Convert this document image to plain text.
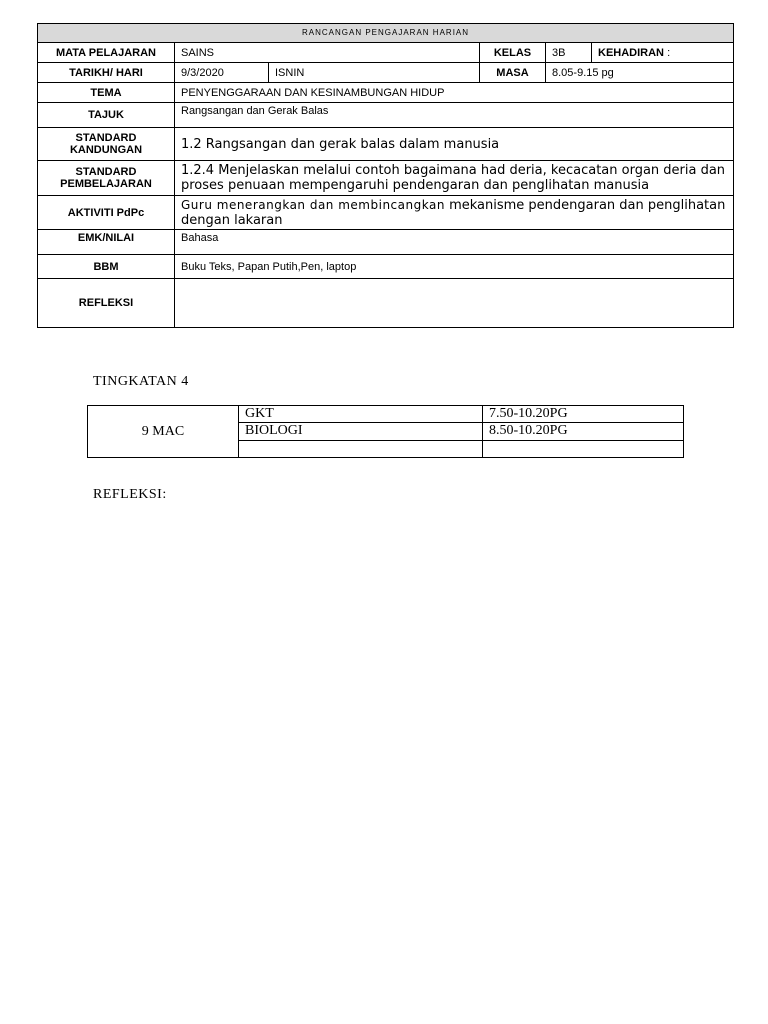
RANCANGAN PENGAJARAN HARIAN					
MATA PELAJARAN	SAINS		KELAS	3B	KEHADIRAN :
TARIKH/ HARI	9/3/2020	ISNIN	MASA	8.05-9.15 pg	
TEMA	PENYENGGARAAN DAN KESINAMBUNGAN HIDUP				
TAJUK	Rangsangan dan Gerak Balas				
STANDARD
KANDUNGAN	1.2 Rangsangan dan gerak balas dalam manusia				
STANDARD
PEMBELAJARAN	1.2.4 Menjelaskan melalui contoh bagaimana had deria, kecacatan organ deria dan proses penuaan mempengaruhi pendengaran dan penglihatan manusia				
AKTIVITI PdPc	Guru menerangkan dan membincangkan mekanisme pendengaran dan penglihatan dengan lakaran				
EMK/NILAI	Bahasa				
BBM	Buku Teks, Papan Putih,Pen, laptop				
REFLEKSI					
TINGKATAN 4
9 MAC	GKT	7.50-10.20PG
	BIOLOGI	8.50-10.20PG

REFLEKSI:
